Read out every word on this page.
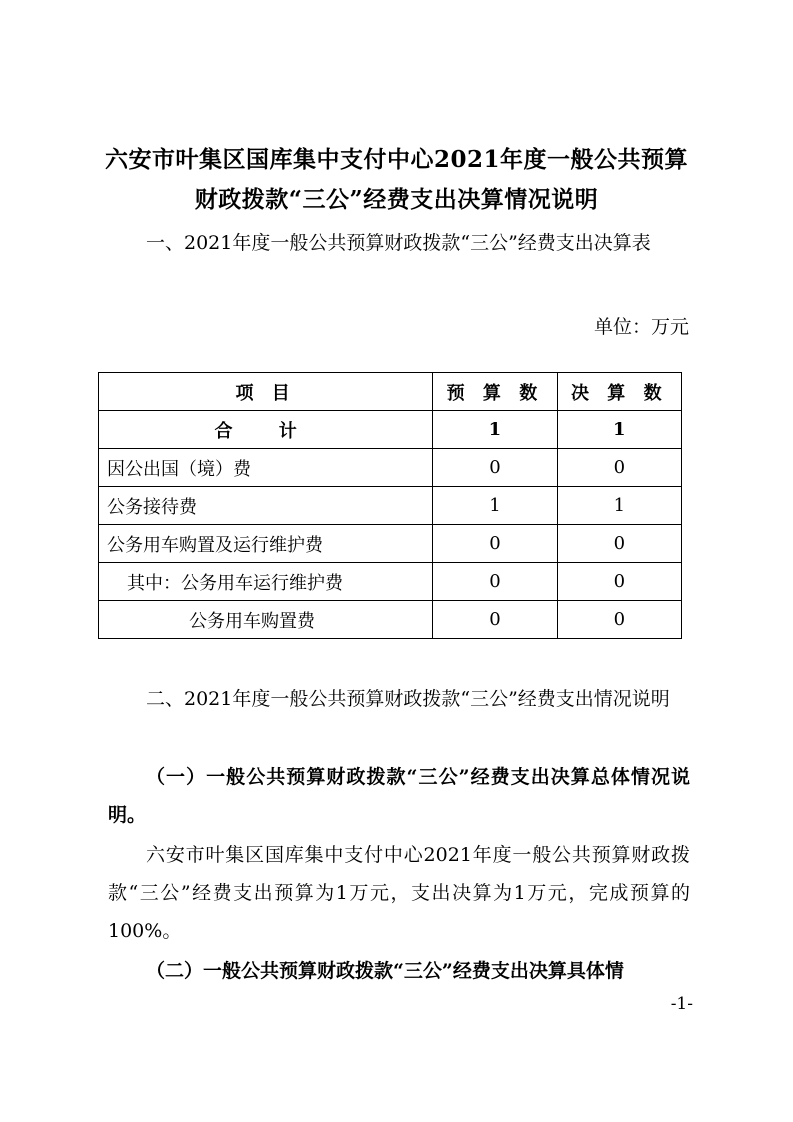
六安市叶集区国库集中支付中心2021年度一般公共预算
财政拨款“三公”经费支出决算情况说明
一、2021年度一般公共预算财政拨款“三公”经费支出决算表
单位：万元
项 目	预 算 数	决 算 数
合 计	1	1
因公出国（境）费	0	0
公务接待费	1	1
公务用车购置及运行维护费	0	0
其中：公务用车运行维护费	0	0
公务用车购置费	0	0
二、2021年度一般公共预算财政拨款“三公”经费支出情况说明
（一）一般公共预算财政拨款“三公”经费支出决算总体情况说明。
六安市叶集区国库集中支付中心2021年度一般公共预算财政拨款“三公”经费支出预算为1万元，支出决算为1万元，完成预算的100%。
（二）一般公共预算财政拨款“三公”经费支出决算具体情
-1-
